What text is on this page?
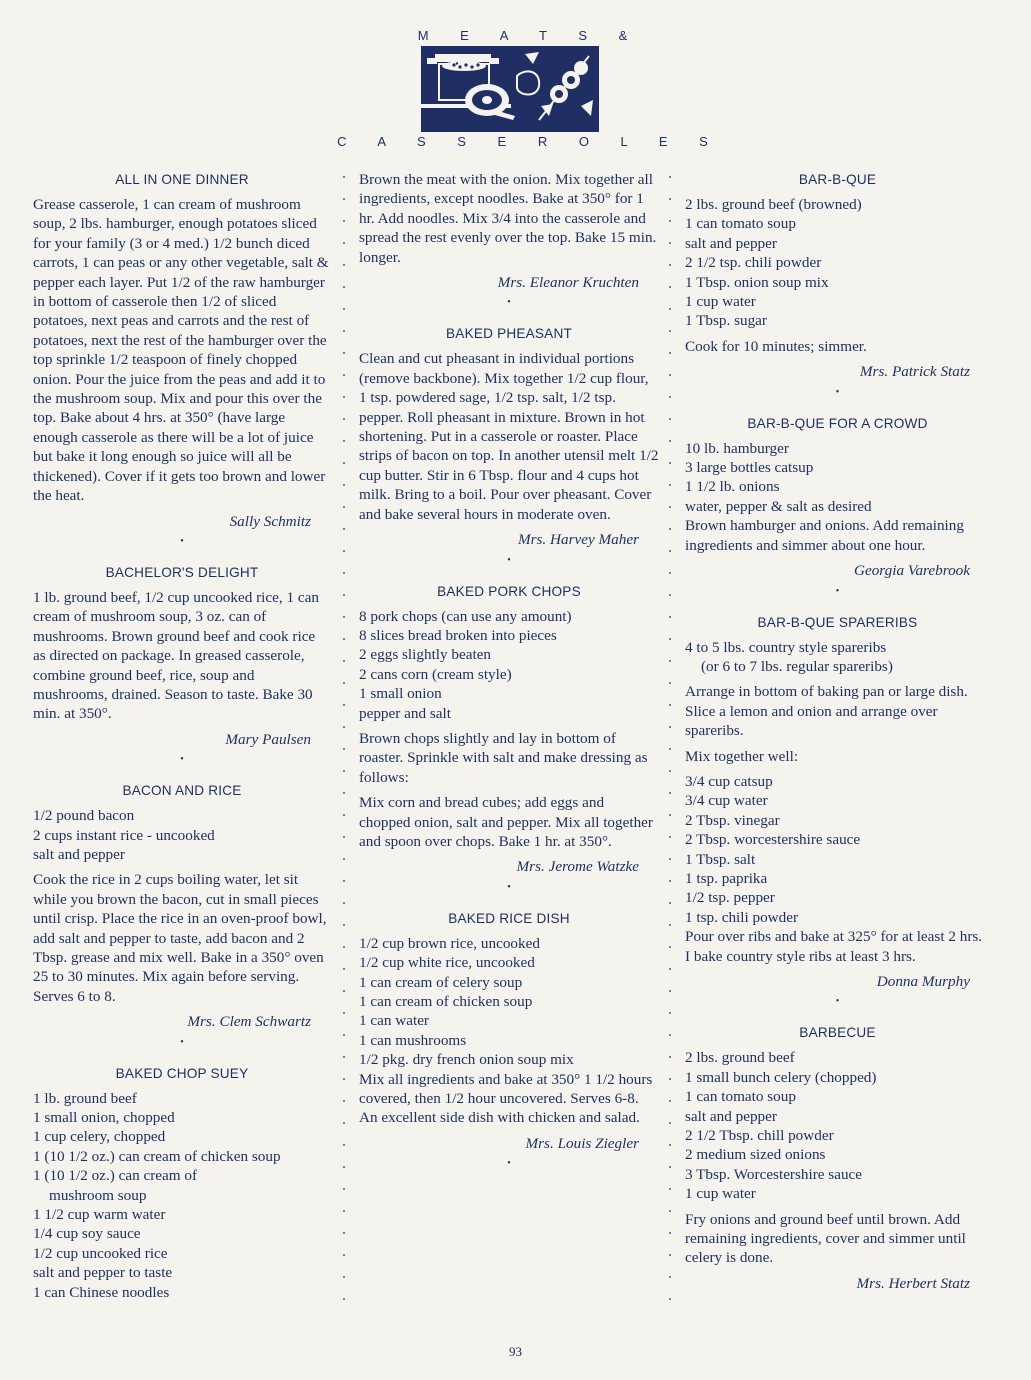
M E A T S &
C A S S E R O L E S
ALL IN ONE DINNER

Grease casserole, 1 can cream of mushroom soup, 2 lbs. hamburger, enough potatoes sliced for your family (3 or 4 med.) 1/2 bunch diced carrots, 1 can peas or any other vegetable, salt & pepper each layer. Put 1/2 of the raw hamburger in bottom of casserole then 1/2 of sliced potatoes, next peas and carrots and the rest of potatoes, next the rest of the hamburger over the top sprinkle 1/2 teaspoon of finely chopped onion. Pour the juice from the peas and add it to the mushroom soup. Mix and pour this over the top. Bake about 4 hrs. at 350° (have large enough casserole as there will be a lot of juice but bake it long enough so juice will all be thickened). Cover if it gets too brown and lower the heat.

Sally Schmitz
•
BACHELOR'S DELIGHT

1 lb. ground beef, 1/2 cup uncooked rice, 1 can cream of mushroom soup, 3 oz. can of mushrooms. Brown ground beef and cook rice as directed on package. In greased casserole, combine ground beef, rice, soup and mushrooms, drained. Season to taste. Bake 30 min. at 350°.

Mary Paulsen
•
BACON AND RICE
1/2 pound bacon
2 cups instant rice - uncooked
salt and pepper

Cook the rice in 2 cups boiling water, let sit while you brown the bacon, cut in small pieces until crisp. Place the rice in an oven-proof bowl, add salt and pepper to taste, add bacon and 2 Tbsp. grease and mix well. Bake in a 350° oven 25 to 30 minutes. Mix again before serving. Serves 6 to 8.

Mrs. Clem Schwartz
•
BAKED CHOP SUEY
1 lb. ground beef
1 small onion, chopped
1 cup celery, chopped
1 (10 1/2 oz.) can cream of chicken soup
1 (10 1/2 oz.) can cream of
mushroom soup
1 1/2 cup warm water
1/4 cup soy sauce
1/2 cup uncooked rice
salt and pepper to taste
1 can Chinese noodles

Brown the meat with the onion. Mix together all ingredients, except noodles. Bake at 350° for 1 hr. Add noodles. Mix 3/4 into the casserole and spread the rest evenly over the top. Bake 15 min. longer.

Mrs. Eleanor Kruchten
•
BAKED PHEASANT

Clean and cut pheasant in individual portions (remove backbone). Mix together 1/2 cup flour, 1 tsp. powdered sage, 1/2 tsp. salt, 1/2 tsp. pepper. Roll pheasant in mixture. Brown in hot shortening. Put in a casserole or roaster. Place strips of bacon on top. In another utensil melt 1/2 cup butter. Stir in 6 Tbsp. flour and 4 cups hot milk. Bring to a boil. Pour over pheasant. Cover and bake several hours in moderate oven.

Mrs. Harvey Maher
•
BAKED PORK CHOPS
8 pork chops (can use any amount)
8 slices bread broken into pieces
2 eggs slightly beaten
2 cans corn (cream style)
1 small onion
pepper and salt

Brown chops slightly and lay in bottom of roaster. Sprinkle with salt and make dressing as follows:

Mix corn and bread cubes; add eggs and chopped onion, salt and pepper. Mix all together and spoon over chops. Bake 1 hr. at 350°.

Mrs. Jerome Watzke
•
BAKED RICE DISH
1/2 cup brown rice, uncooked
1/2 cup white rice, uncooked
1 can cream of celery soup
1 can cream of chicken soup
1 can water
1 can mushrooms
1/2 pkg. dry french onion soup mix

Mix all ingredients and bake at 350° 1 1/2 hours covered, then 1/2 hour uncovered. Serves 6-8. An excellent side dish with chicken and salad.

Mrs. Louis Ziegler
•
BAR-B-QUE
2 lbs. ground beef (browned)
1 can tomato soup
salt and pepper
2 1/2 tsp. chili powder
1 Tbsp. onion soup mix
1 cup water
1 Tbsp. sugar

Cook for 10 minutes; simmer.

Mrs. Patrick Statz
•
BAR-B-QUE FOR A CROWD
10 lb. hamburger
3 large bottles catsup
1 1/2 lb. onions
water, pepper & salt as desired

Brown hamburger and onions. Add remaining ingredients and simmer about one hour.

Georgia Varebrook
•
BAR-B-QUE SPARERIBS
4 to 5 lbs. country style spareribs
(or 6 to 7 lbs. regular spareribs)

Arrange in bottom of baking pan or large dish. Slice a lemon and onion and arrange over spareribs.

Mix together well:

3/4 cup catsup
3/4 cup water
2 Tbsp. vinegar
2 Tbsp. worcestershire sauce
1 Tbsp. salt
1 tsp. paprika
1/2 tsp. pepper
1 tsp. chili powder

Pour over ribs and bake at 325° for at least 2 hrs. I bake country style ribs at least 3 hrs.

Donna Murphy
•
BARBECUE
2 lbs. ground beef
1 small bunch celery (chopped)
1 can tomato soup
salt and pepper
2 1/2 Tbsp. chill powder
2 medium sized onions
3 Tbsp. Worcestershire sauce
1 cup water

Fry onions and ground beef until brown. Add remaining ingredients, cover and simmer until celery is done.

Mrs. Herbert Statz
93
